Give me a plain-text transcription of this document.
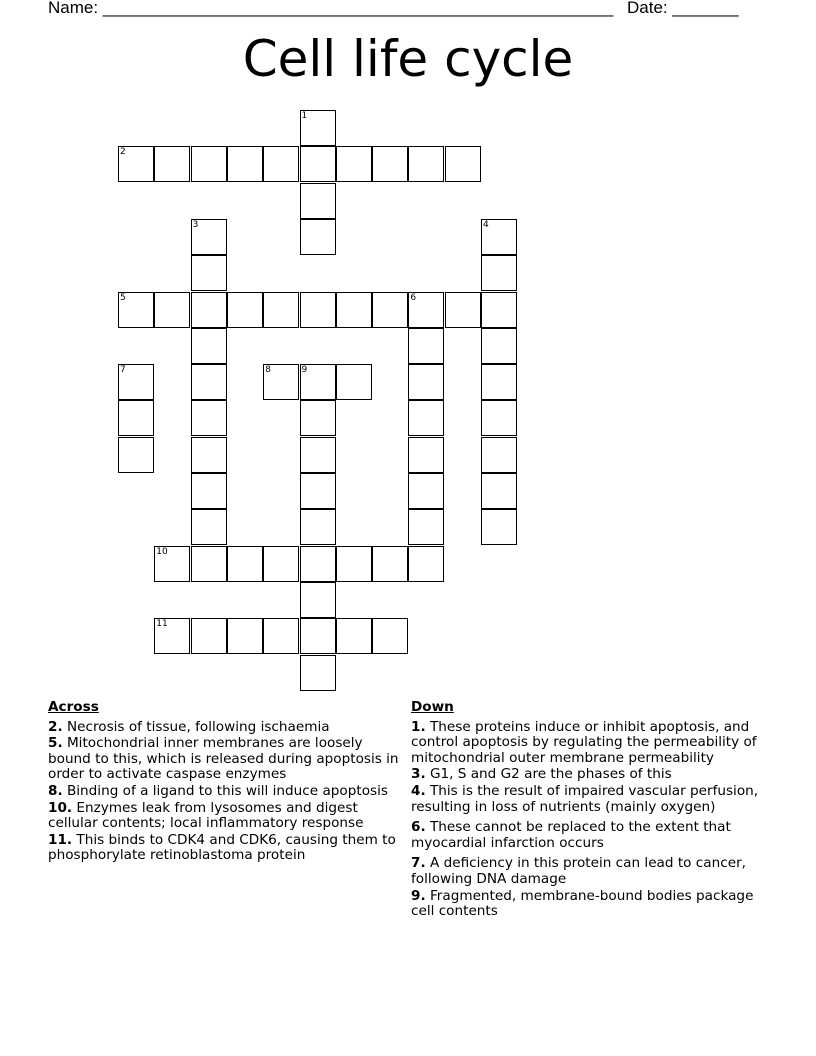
Name: ______________________________________________________ Date: _______
Cell life cycle
1
2
3	4
5	6
7	8	9
10
11
Across
2. Necrosis of tissue, following ischaemia
5. Mitochondrial inner membranes are loosely bound to this, which is released during apoptosis in order to activate caspase enzymes
8. Binding of a ligand to this will induce apoptosis
10. Enzymes leak from lysosomes and digest cellular contents; local inflammatory response
11. This binds to CDK4 and CDK6, causing them to phosphorylate retinoblastoma protein
Down
1. These proteins induce or inhibit apoptosis, and control apoptosis by regulating the permeability of mitochondrial outer membrane permeability
3. G1, S and G2 are the phases of this
4. This is the result of impaired vascular perfusion, resulting in loss of nutrients (mainly oxygen)
6. These cannot be replaced to the extent that myocardial infarction occurs
7. A deficiency in this protein can lead to cancer, following DNA damage
9. Fragmented, membrane-bound bodies package cell contents
